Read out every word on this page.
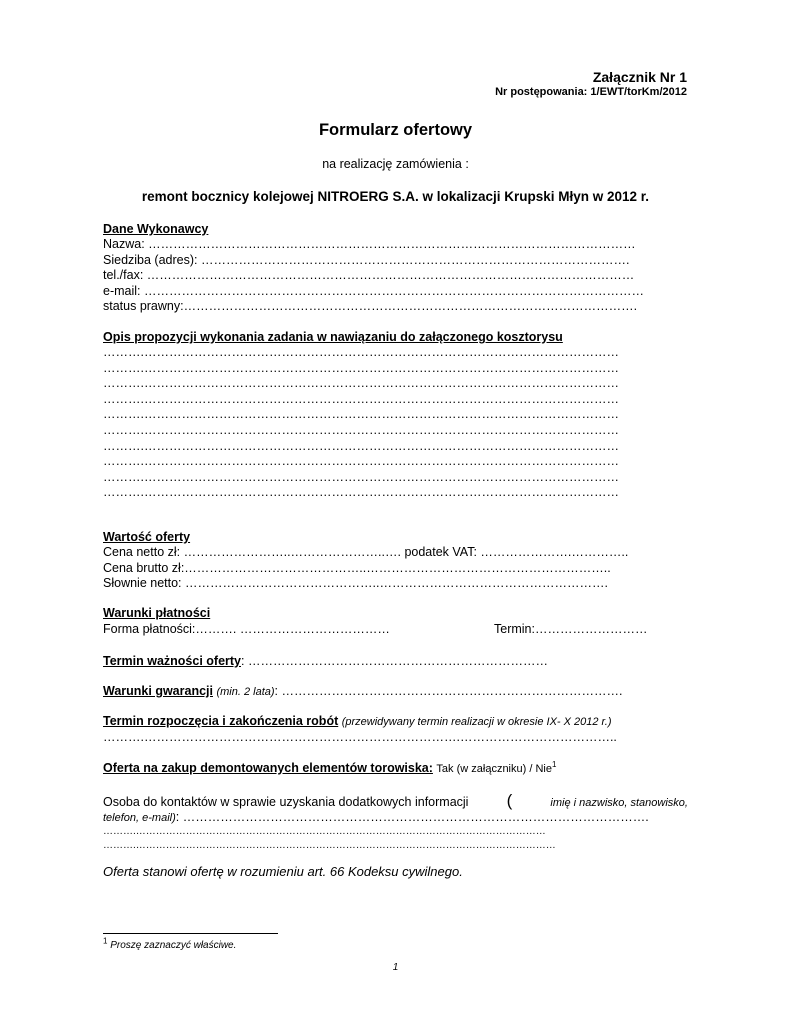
Załącznik Nr 1
Nr postępowania: 1/EWT/torKm/2012
Formularz ofertowy
na realizację zamówienia :
remont bocznicy kolejowej NITROERG S.A. w lokalizacji Krupski Młyn w 2012 r.
Dane Wykonawcy
Nazwa: ………………………………………………………………………………………………………
Siedziba (adres): ………………………………………………………………………………………….
tel./fax: ………………………………………………………………………………………………………
e-mail: …………………………………………………………………………………………………………
status prawny:……………………………………………………………………………………………….
Opis propozycji wykonania zadania w nawiązaniu do załączonego kosztorysu
……….……………………………………………………………………………………………………
……….……………………………………………………………………………………………………
……….……………………………………………………………………………………………………
……….……………………………………………………………………………………………………
……….……………………………………………………………………………………………………
……….……………………………………………………………………………………………………
……….……………………………………………………………………………………………………
……….……………………………………………………………………………………………………
……….……………………………………………………………………………………………………
……….……………………………………………………………………………………………………
Wartość oferty
Cena netto zł: ……………………..…………………..…. podatek VAT: ………………….…………..
Cena brutto zł:……………………………………..…………………………………………………..
Słownie netto: ………………………………………..……………………………………………….
Warunki płatności
Forma płatności:………. ………………………………	Termin:………………………
Termin ważności oferty: ………………………………………………………………
Warunki gwarancji (min. 2 lata): ……………………………………………………………………….
Termin rozpoczęcia i zakończenia robót (przewidywany termin realizacji w okresie IX- X 2012 r.)
……….………………………………………………………………….………………………………..
Oferta na zakup demontowanych elementów torowiska: Tak (w załączniku) / Nie$^1$
Osoba do kontaktów w sprawie uzyskania dodatkowych informacji (	imię i nazwisko, stanowisko,
telefon, e-mail): ………………………………………………………………………………………………….
……….……………………………………………………………………………………………………………
……….………………………………………………………………………………………………………………
Oferta stanowi ofertę w rozumieniu art. 66 Kodeksu cywilnego.
$^1$ Proszę zaznaczyć właściwe.
1
